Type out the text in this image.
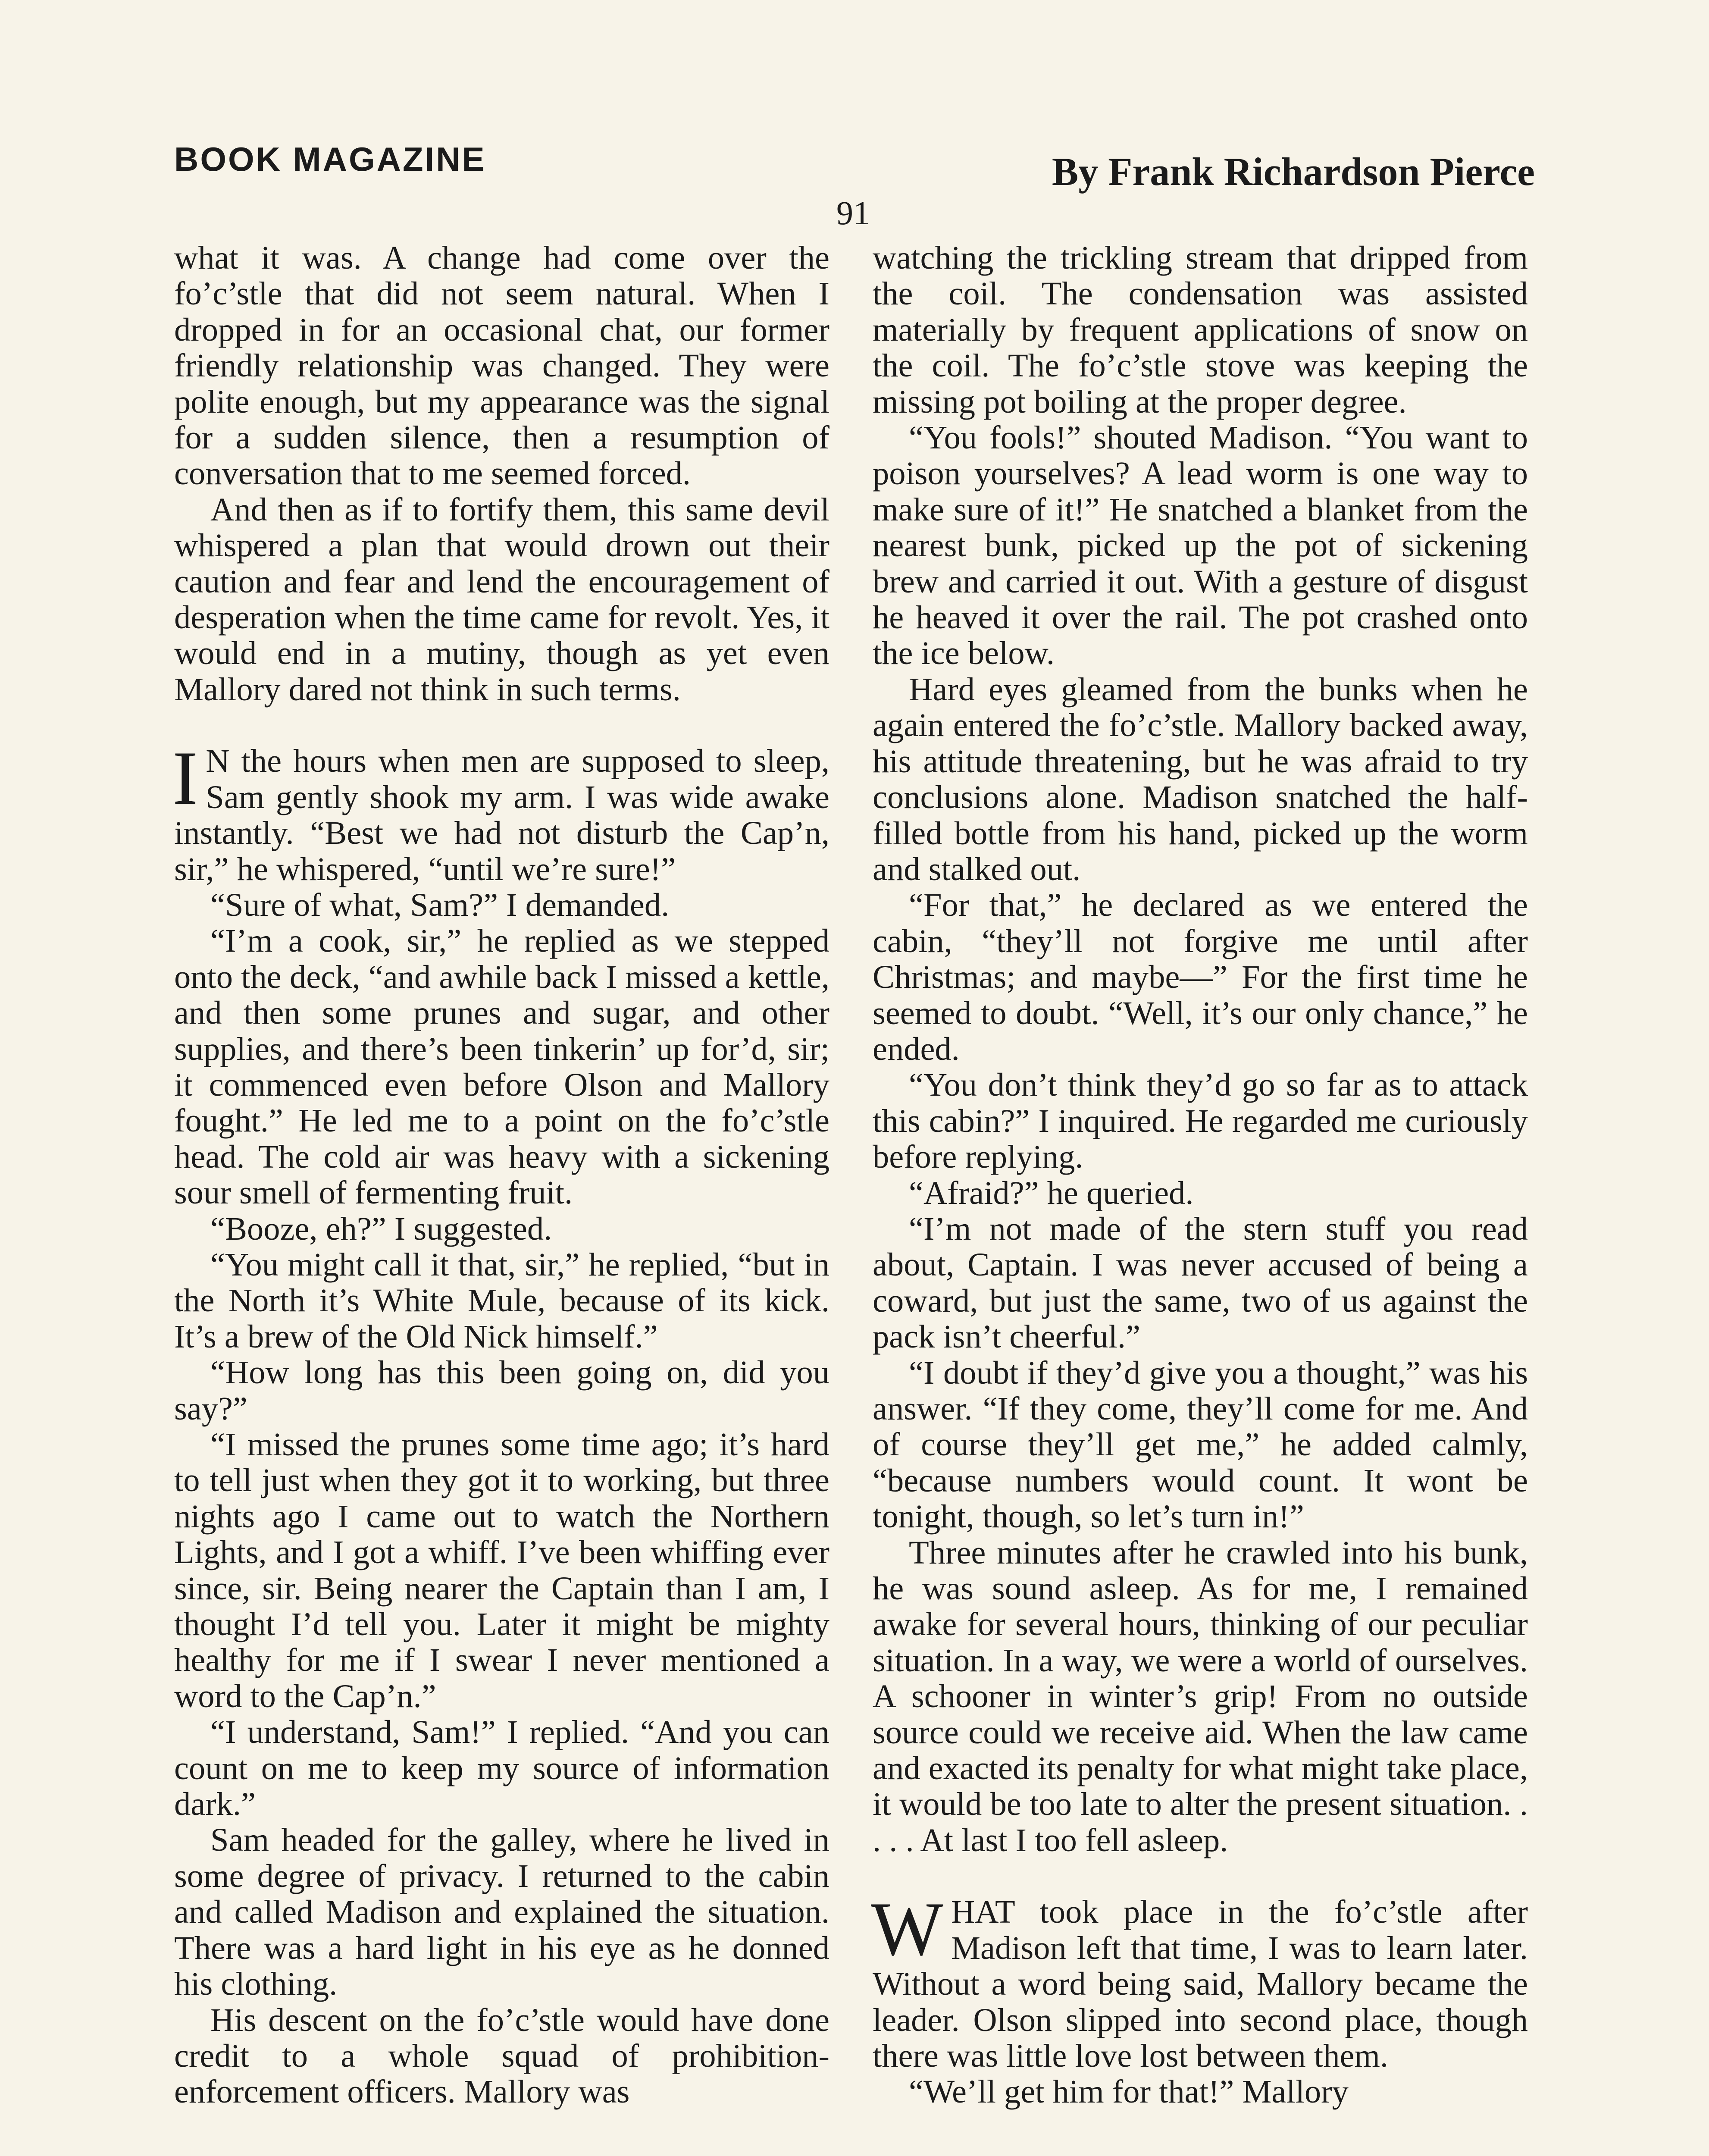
BOOK MAGAZINE	By Frank Richardson Pierce
91

what it was. A change had come over the fo’c’stle that did not seem natural. When I dropped in for an occasional chat, our former friendly relationship was changed. They were polite enough, but my appearance was the signal for a sudden silence, then a resumption of conversation that to me seemed forced.

And then as if to fortify them, this same devil whispered a plan that would drown out their caution and fear and lend the encouragement of desperation when the time came for revolt. Yes, it would end in a mutiny, though as yet even Mallory dared not think in such terms.

I N the hours when men are supposed to sleep, Sam gently shook my arm. I was wide awake instantly. “Best we had not disturb the Cap’n, sir,” he whispered, “until we’re sure!”

“Sure of what, Sam?” I demanded.

“I’m a cook, sir,” he replied as we stepped onto the deck, “and awhile back I missed a kettle, and then some prunes and sugar, and other supplies, and there’s been tinkerin’ up for’d, sir; it commenced even before Olson and Mallory fought.” He led me to a point on the fo’c’stle head. The cold air was heavy with a sickening sour smell of fermenting fruit.

“Booze, eh?” I suggested.

“You might call it that, sir,” he replied, “but in the North it’s White Mule, because of its kick. It’s a brew of the Old Nick himself.”

“How long has this been going on, did you say?”

“I missed the prunes some time ago; it’s hard to tell just when they got it to working, but three nights ago I came out to watch the Northern Lights, and I got a whiff. I’ve been whiffing ever since, sir. Being nearer the Captain than I am, I thought I’d tell you. Later it might be mighty healthy for me if I swear I never mentioned a word to the Cap’n.”

“I understand, Sam!” I replied. “And you can count on me to keep my source of information dark.”

Sam headed for the galley, where he lived in some degree of privacy. I returned to the cabin and called Madison and explained the situation. There was a hard light in his eye as he donned his clothing.

His descent on the fo’c’stle would have done credit to a whole squad of prohibition-enforcement officers. Mallory was

watching the trickling stream that dripped from the coil. The condensation was assisted materially by frequent applications of snow on the coil. The fo’c’stle stove was keeping the missing pot boiling at the proper degree.

“You fools!” shouted Madison. “You want to poison yourselves? A lead worm is one way to make sure of it!” He snatched a blanket from the nearest bunk, picked up the pot of sickening brew and carried it out. With a gesture of disgust he heaved it over the rail. The pot crashed onto the ice below.

Hard eyes gleamed from the bunks when he again entered the fo’c’stle. Mallory backed away, his attitude threatening, but he was afraid to try conclusions alone. Madison snatched the half-filled bottle from his hand, picked up the worm and stalked out.

“For that,” he declared as we entered the cabin, “they’ll not forgive me until after Christmas; and maybe—” For the first time he seemed to doubt. “Well, it’s our only chance,” he ended.

“You don’t think they’d go so far as to attack this cabin?” I inquired. He regarded me curiously before replying.

“Afraid?” he queried.

“I’m not made of the stern stuff you read about, Captain. I was never accused of being a coward, but just the same, two of us against the pack isn’t cheerful.”

“I doubt if they’d give you a thought,” was his answer. “If they come, they’ll come for me. And of course they’ll get me,” he added calmly, “because numbers would count. It wont be tonight, though, so let’s turn in!”

Three minutes after he crawled into his bunk, he was sound asleep. As for me, I remained awake for several hours, thinking of our peculiar situation. In a way, we were a world of ourselves. A schooner in winter’s grip! From no outside source could we receive aid. When the law came and exacted its penalty for what might take place, it would be too late to alter the present situation. . . . . At last I too fell asleep.

WHAT took place in the fo’c’stle after Madison left that time, I was to learn later. Without a word being said, Mallory became the leader. Olson slipped into second place, though there was little love lost between them.

“We’ll get him for that!” Mallory
